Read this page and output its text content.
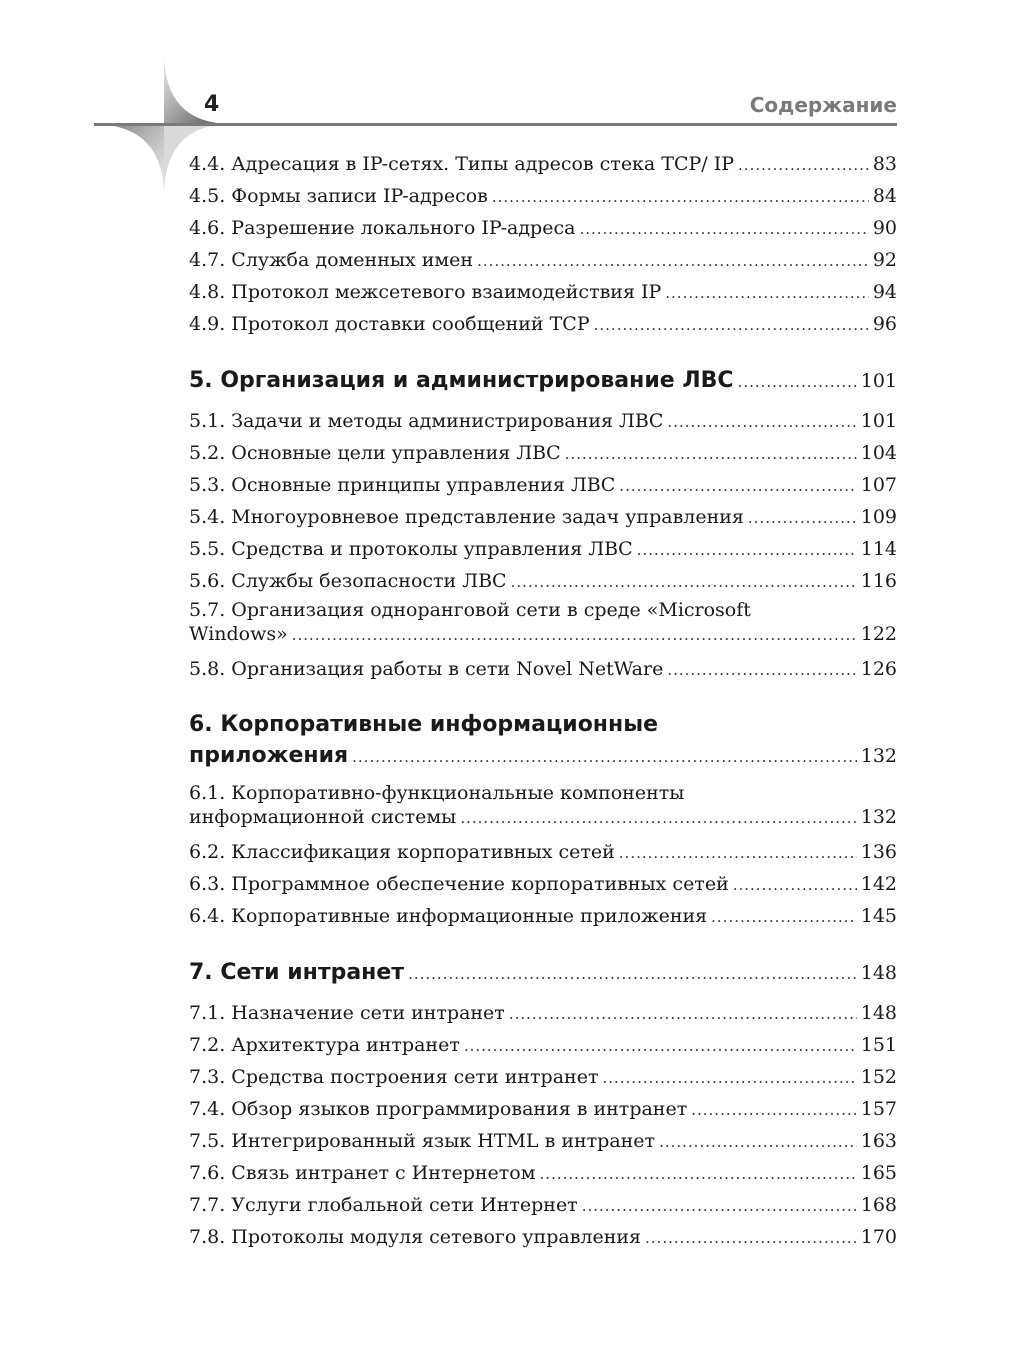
4	Содержание
4.4. Адресация в IP-сетях. Типы адресов стека TCP/ IP .....	83
4.5. Формы записи IP-адресов .....	84
4.6. Разрешение локального IP-адреса .....	90
4.7. Служба доменных имен .....	92
4.8. Протокол межсетевого взаимодействия IP .....	94
4.9. Протокол доставки сообщений TCP .....	96
5. Организация и администрирование ЛВС .....	101
5.1. Задачи и методы администрирования ЛВС .....	101
5.2. Основные цели управления ЛВС .....	104
5.3. Основные принципы управления ЛВС .....	107
5.4. Многоуровневое представление задач управления .....	109
5.5. Средства и протоколы управления ЛВС .....	114
5.6. Службы безопасности ЛВС .....	116
5.7. Организация одноранговой сети в среде «Microsoft
Windows» .....	122
5.8. Организация работы в сети Novel NetWare .....	126
6. Корпоративные информационные
приложения .....	132
6.1. Корпоративно-функциональные компоненты
информационной системы .....	132
6.2. Классификация корпоративных сетей .....	136
6.3. Программное обеспечение корпоративных сетей .....	142
6.4. Корпоративные информационные приложения .....	145
7. Сети интранет .....	148
7.1. Назначение сети интранет .....	148
7.2. Архитектура интранет .....	151
7.3. Средства построения сети интранет .....	152
7.4. Обзор языков программирования в интранет .....	157
7.5. Интегрированный язык HTML в интранет .....	163
7.6. Связь интранет с Интернетом .....	165
7.7. Услуги глобальной сети Интернет .....	168
7.8. Протоколы модуля сетевого управления .....	170
